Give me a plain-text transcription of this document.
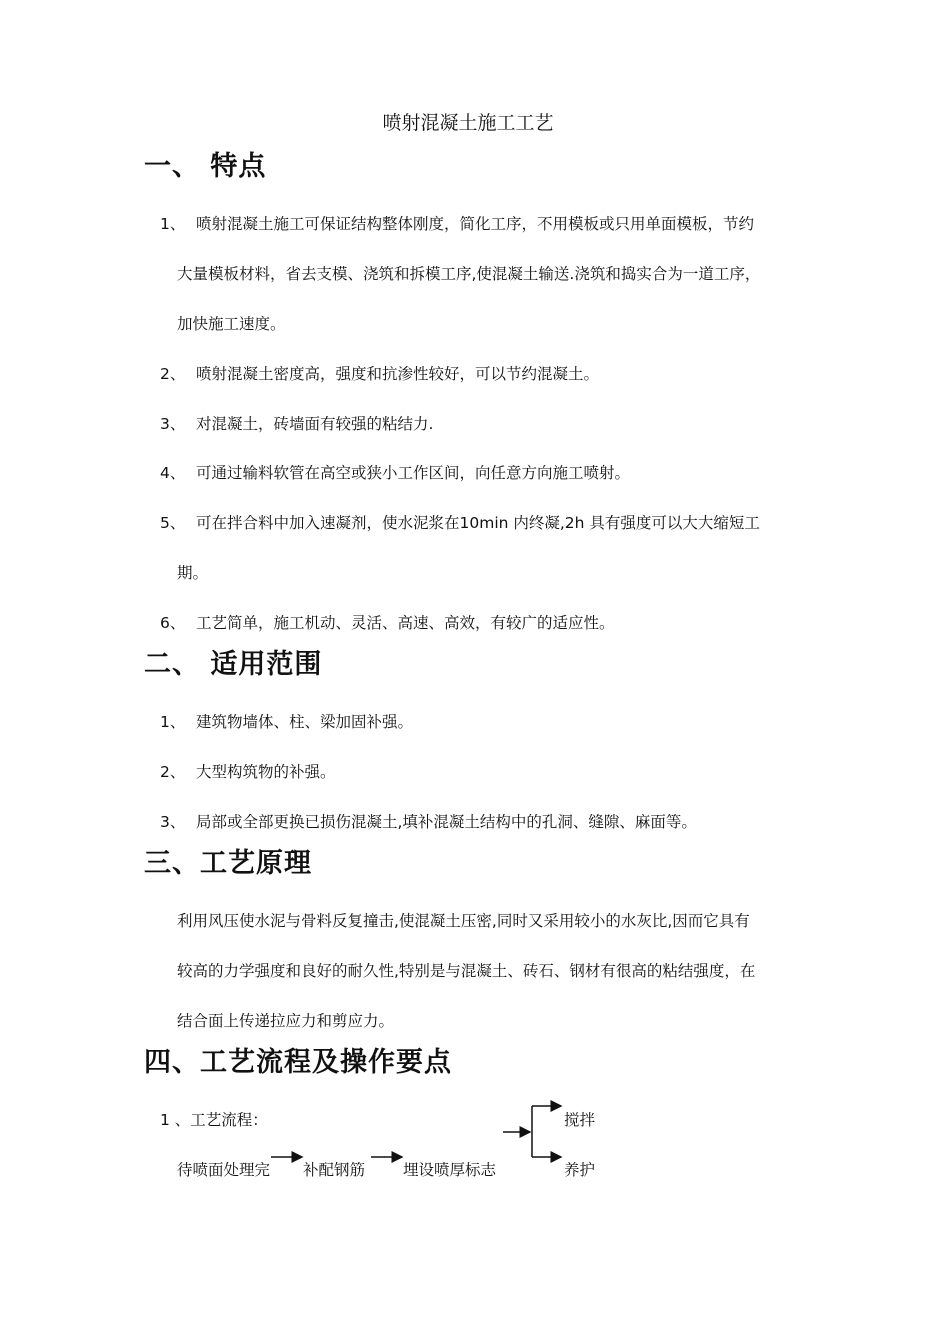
喷射混凝土施工工艺
一、 特点
1、 喷射混凝土施工可保证结构整体刚度，简化工序，不用模板或只用单面模板，节约
大量模板材料，省去支模、浇筑和拆模工序,使混凝土输送.浇筑和捣实合为一道工序，
加快施工速度。
2、 喷射混凝土密度高，强度和抗渗性较好，可以节约混凝土。
3、 对混凝土，砖墙面有较强的粘结力.
4、 可通过输料软管在高空或狭小工作区间，向任意方向施工喷射。
5、 可在拌合料中加入速凝剂，使水泥浆在10min 内终凝,2h 具有强度可以大大缩短工
期。
6、 工艺简单，施工机动、灵活、高速、高效，有较广的适应性。
二、 适用范围
1、 建筑物墙体、柱、梁加固补强。
2、 大型构筑物的补强。
3、 局部或全部更换已损伤混凝土,填补混凝土结构中的孔洞、缝隙、麻面等。
三、工艺原理
利用风压使水泥与骨料反复撞击,使混凝土压密,同时又采用较小的水灰比,因而它具有
较高的力学强度和良好的耐久性,特别是与混凝土、砖石、钢材有很高的粘结强度，在
结合面上传递拉应力和剪应力。
四、工艺流程及操作要点
1 、工艺流程：
待喷面处理完 补配钢筋 埋设喷厚标志
搅拌
养护
